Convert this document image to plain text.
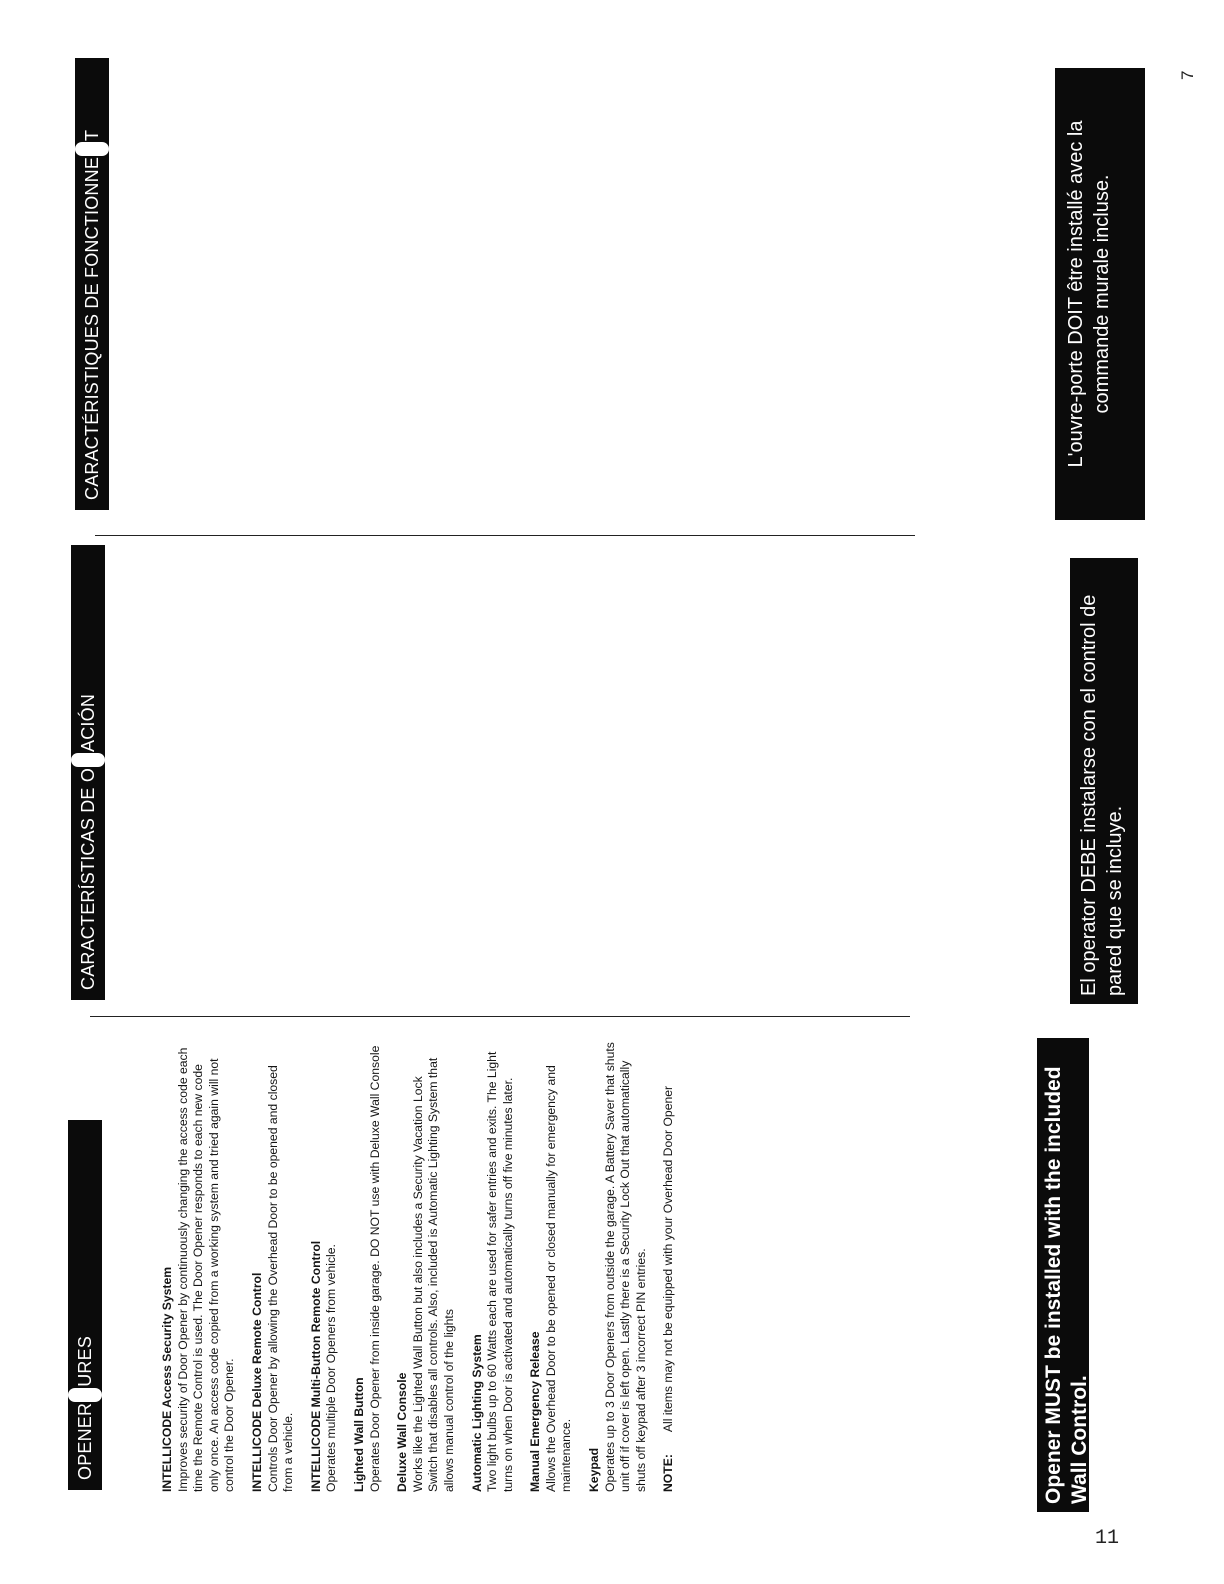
OPENERURES	INTELLICODE Access Security System Improves security of Door Opener by continuously changing the access code each time the Remote Control is used. The Door Opener responds to each new code only once. An access code copied from a working system and tried again will not control the Door Opener. INTELLICODE Deluxe Remote Control Controls Door Opener by allowing the Overhead Door to be opened and closed from a vehicle. INTELLICODE Multi-Button Remote Control Operates multiple Door Openers from vehicle. Lighted Wall Button Operates Door Opener from inside garage. DO NOT use with Deluxe Wall Console Deluxe Wall Console Works like the Lighted Wall Button but also includes a Security Vacation Lock Switch that disables all controls. Also, included is Automatic Lighting System that allows manual control of the lights Automatic Lighting System Two light bulbs up to 60 Watts each are used for safer entries and exits. The Light turns on when Door is activated and automatically turns off five minutes later. Manual Emergency Release Allows the Overhead Door to be opened or closed manually for emergency and maintenance. Keypad Operates up to 3 Door Openers from outside the garage. A Battery Saver that shuts unit off if cover is left open. Lastly there is a Security Lock Out that automatically shuts off keypad after 3 incorrect PIN entries. NOTE:
All items may not be equipped with your Overhead Door Opener	Opener MUST be installed with the included Wall Control.
CARACTERÍSTICAS DE OACIÓN	El operator DEBE instalarse con el control de pared que se incluye.
CARACTÉRISTIQUES DE FONCTIONNET	L'ouvre-porte DOIT être installé avec la commande murale incluse.
11
7
